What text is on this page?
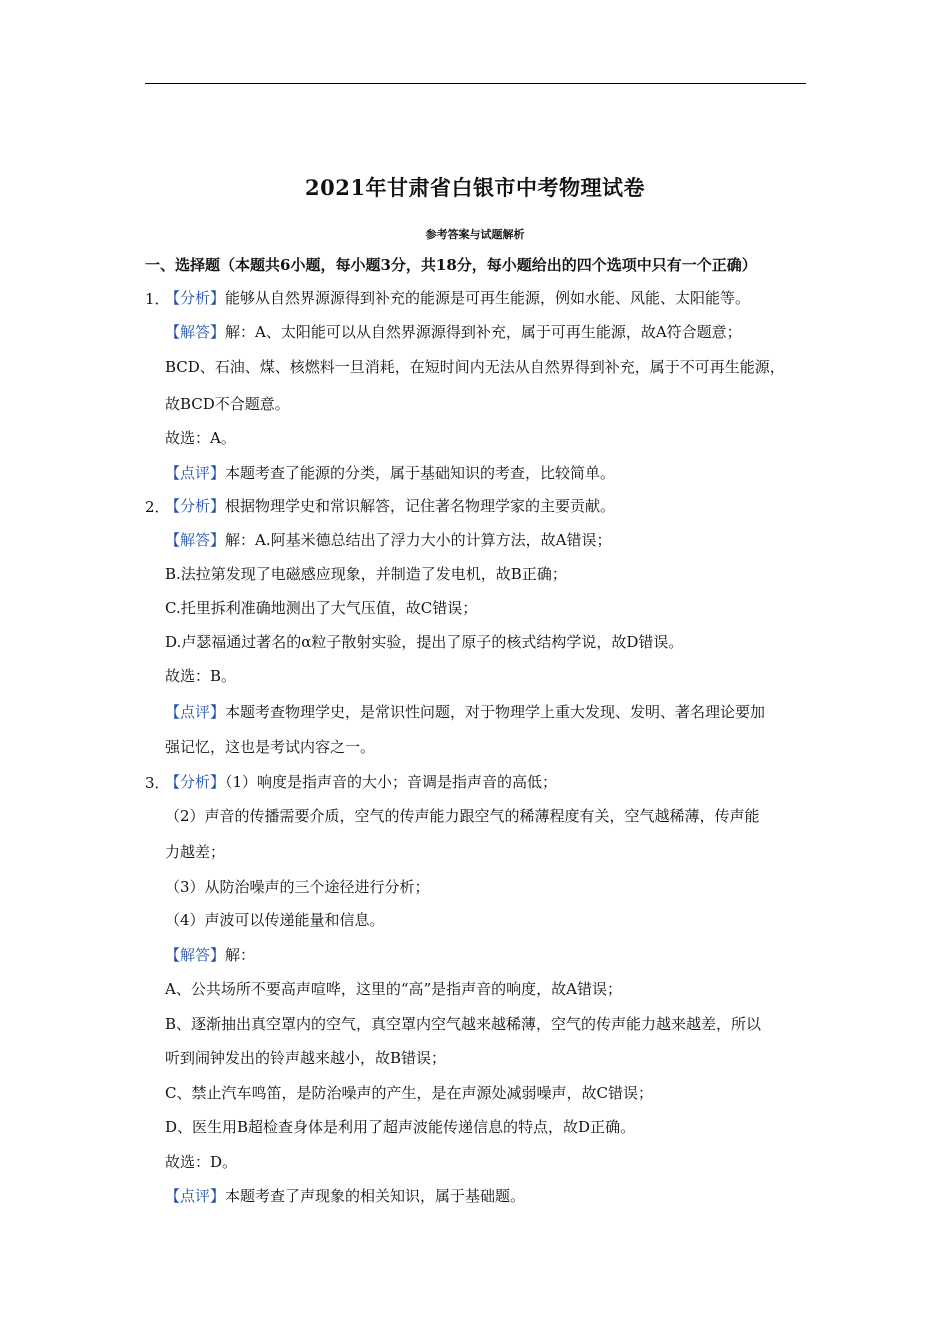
2021年甘肃省白银市中考物理试卷
参考答案与试题解析
一、选择题（本题共6小题，每小题3分，共18分，每小题给出的四个选项中只有一个正确）
1．
【分析】能够从自然界源源得到补充的能源是可再生能源，例如水能、风能、太阳能等。
【解答】解：A、太阳能可以从自然界源源得到补充，属于可再生能源，故A符合题意；
BCD、石油、煤、核燃料一旦消耗，在短时间内无法从自然界得到补充，属于不可再生能源，
故BCD不合题意。
故选：A。
【点评】本题考查了能源的分类，属于基础知识的考查，比较简单。
2．
【分析】根据物理学史和常识解答，记住著名物理学家的主要贡献。
【解答】解：A.阿基米德总结出了浮力大小的计算方法，故A错误；
B.法拉第发现了电磁感应现象，并制造了发电机，故B正确；
C.托里拆利准确地测出了大气压值，故C错误；
D.卢瑟福通过著名的α粒子散射实验，提出了原子的核式结构学说，故D错误。
故选：B。
【点评】本题考查物理学史，是常识性问题，对于物理学上重大发现、发明、著名理论要加
强记忆，这也是考试内容之一。
3．
【分析】（1）响度是指声音的大小；音调是指声音的高低；
（2）声音的传播需要介质，空气的传声能力跟空气的稀薄程度有关，空气越稀薄，传声能
力越差；
（3）从防治噪声的三个途径进行分析；
（4）声波可以传递能量和信息。
【解答】解：
A、公共场所不要高声喧哗，这里的“高”是指声音的响度，故A错误；
B、逐渐抽出真空罩内的空气，真空罩内空气越来越稀薄，空气的传声能力越来越差，所以
听到闹钟发出的铃声越来越小，故B错误；
C、禁止汽车鸣笛，是防治噪声的产生，是在声源处减弱噪声，故C错误；
D、医生用B超检查身体是利用了超声波能传递信息的特点，故D正确。
故选：D。
【点评】本题考查了声现象的相关知识，属于基础题。
